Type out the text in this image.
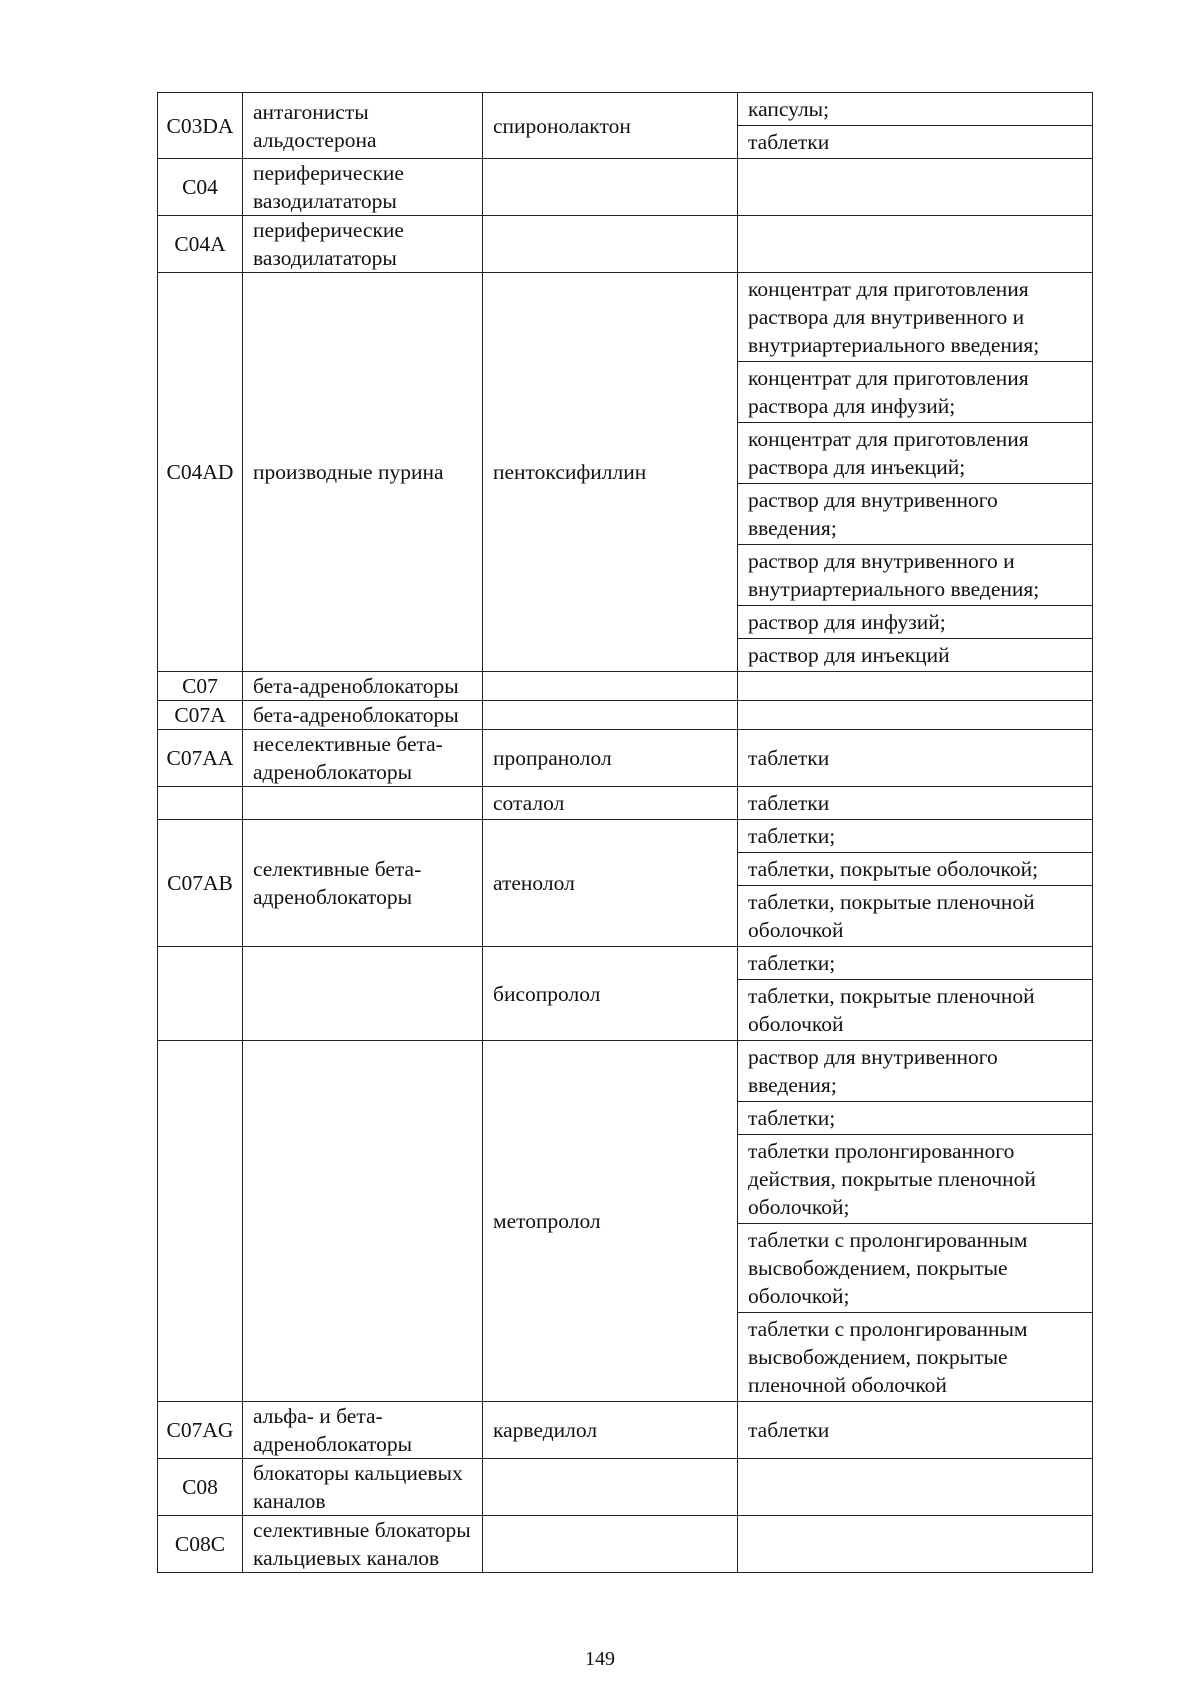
C03DA	антагонисты альдостерона	спиронолактон	капсулы;
			таблетки
C04	периферические вазодилататоры		
C04A	периферические вазодилататоры		
C04AD	производные пурина	пентоксифиллин	концентрат для приготовления раствора для внутривенного и внутриартериального введения;
			концентрат для приготовления раствора для инфузий;
			концентрат для приготовления раствора для инъекций;
			раствор для внутривенного введения;
			раствор для внутривенного и внутриартериального введения;
			раствор для инфузий;
			раствор для инъекций
C07	бета-адреноблокаторы		
C07A	бета-адреноблокаторы		
C07AA	неселективные бета-адреноблокаторы	пропранолол	таблетки
		соталол	таблетки
C07AB	селективные бета-адреноблокаторы	атенолол	таблетки;
			таблетки, покрытые оболочкой;
			таблетки, покрытые пленочной оболочкой
		бисопролол	таблетки;
			таблетки, покрытые пленочной оболочкой
		метопролол	раствор для внутривенного введения;
			таблетки;
			таблетки пролонгированного действия, покрытые пленочной оболочкой;
			таблетки с пролонгированным высвобождением, покрытые оболочкой;
			таблетки с пролонгированным высвобождением, покрытые пленочной оболочкой
C07AG	альфа- и бета-адреноблокаторы	карведилол	таблетки
C08	блокаторы кальциевых каналов		
C08C	селективные блокаторы кальциевых каналов		
149
